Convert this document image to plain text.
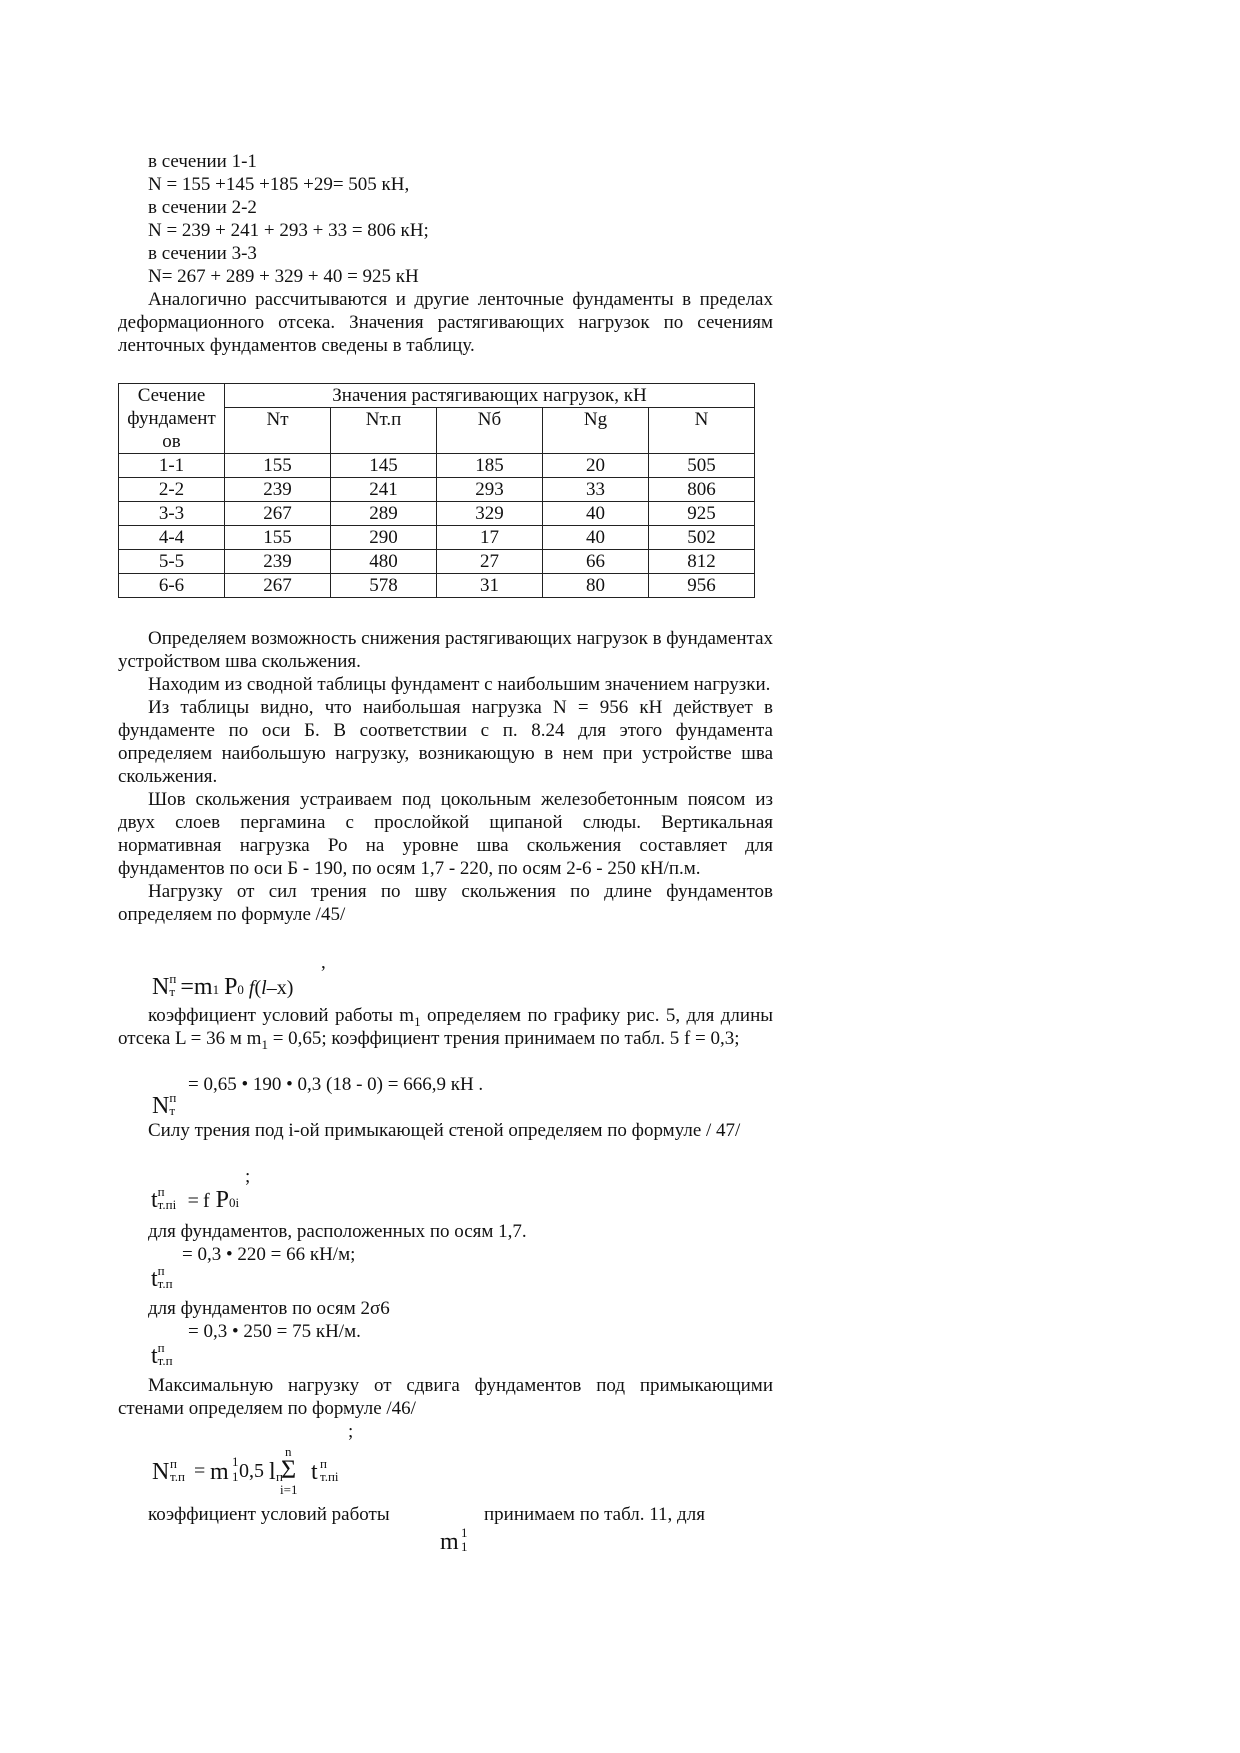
в сечении 1-1
N = 155 +145 +185 +29= 505 кН,
в сечении 2-2
N = 239 + 241 + 293 + 33 = 806 кН;
в сечении 3-3
N= 267 + 289 + 329 + 40 = 925 кН

Аналогично рассчитываются и другие ленточные фундаменты в пределах деформационного отсека. Значения растягивающих нагрузок по сечениям ленточных фундаментов сведены в таблицу.

Сечение фундамент ов	Значения растягивающих нагрузок, кН				
	Nт	Nт.п	Nб	Ng	N
1-1	155	145	185	20	505
2-2	239	241	293	33	806
3-3	267	289	329	40	925
4-4	155	290	17	40	502
5-5	239	480	27	66	812
6-6	267	578	31	80	956

Определяем возможность снижения растягивающих нагрузок в фундаментах устройством шва скольжения.

Находим из сводной таблицы фундамент с наибольшим значением нагрузки.

Из таблицы видно, что наибольшая нагрузка N = 956 кН действует в фундаменте по оси Б. В соответствии с п. 8.24 для этого фундамента определяем наибольшую нагрузку, возникающую в нем при устройстве шва скольжения.

Шов скольжения устраиваем под цокольным железобетонным поясом из двух слоев пергамина с прослойкой щипаной слюды. Вертикальная нормативная нагрузка Ро на уровне шва скольжения составляет для фундаментов по оси Б - 190, по осям 1,7 - 220, по осям 2-6 - 250 кН/п.м.

Нагрузку от сил трения по шву скольжения по длине фундаментов определяем по формуле /45/

,
N п
т =m1 P0 f(l–x)

коэффициент условий работы $m_1$ определяем по графику рис. 5, для длины отсека L = 36 м $m_1 = 0,65$; коэффициент трения принимаем по табл. 5 f = 0,3;

= 0,65 • 190 • 0,3 (18 - 0) = 666,9 кН .
N п
т

Силу трения под i-ой примыкающей стеной определяем по формуле / 47/

;
t п
т.пi = f P0i
для фундаментов, расположенных по осям 1,7.
= 0,3 • 220 = 66 кН/м;
t п
т.п
для фундаментов по осям 2σ6
= 0,3 • 250 = 75 кН/м.
t п
т.п

Максимальную нагрузку от сдвига фундаментов под примыкающими стенами определяем по формуле /46/

;
N п
т.п = m 1
1 0,5 l п
n
Σ
i=1
t п
т.пi
коэффициент условий работы	принимаем по табл. 11, для
m 1
1
